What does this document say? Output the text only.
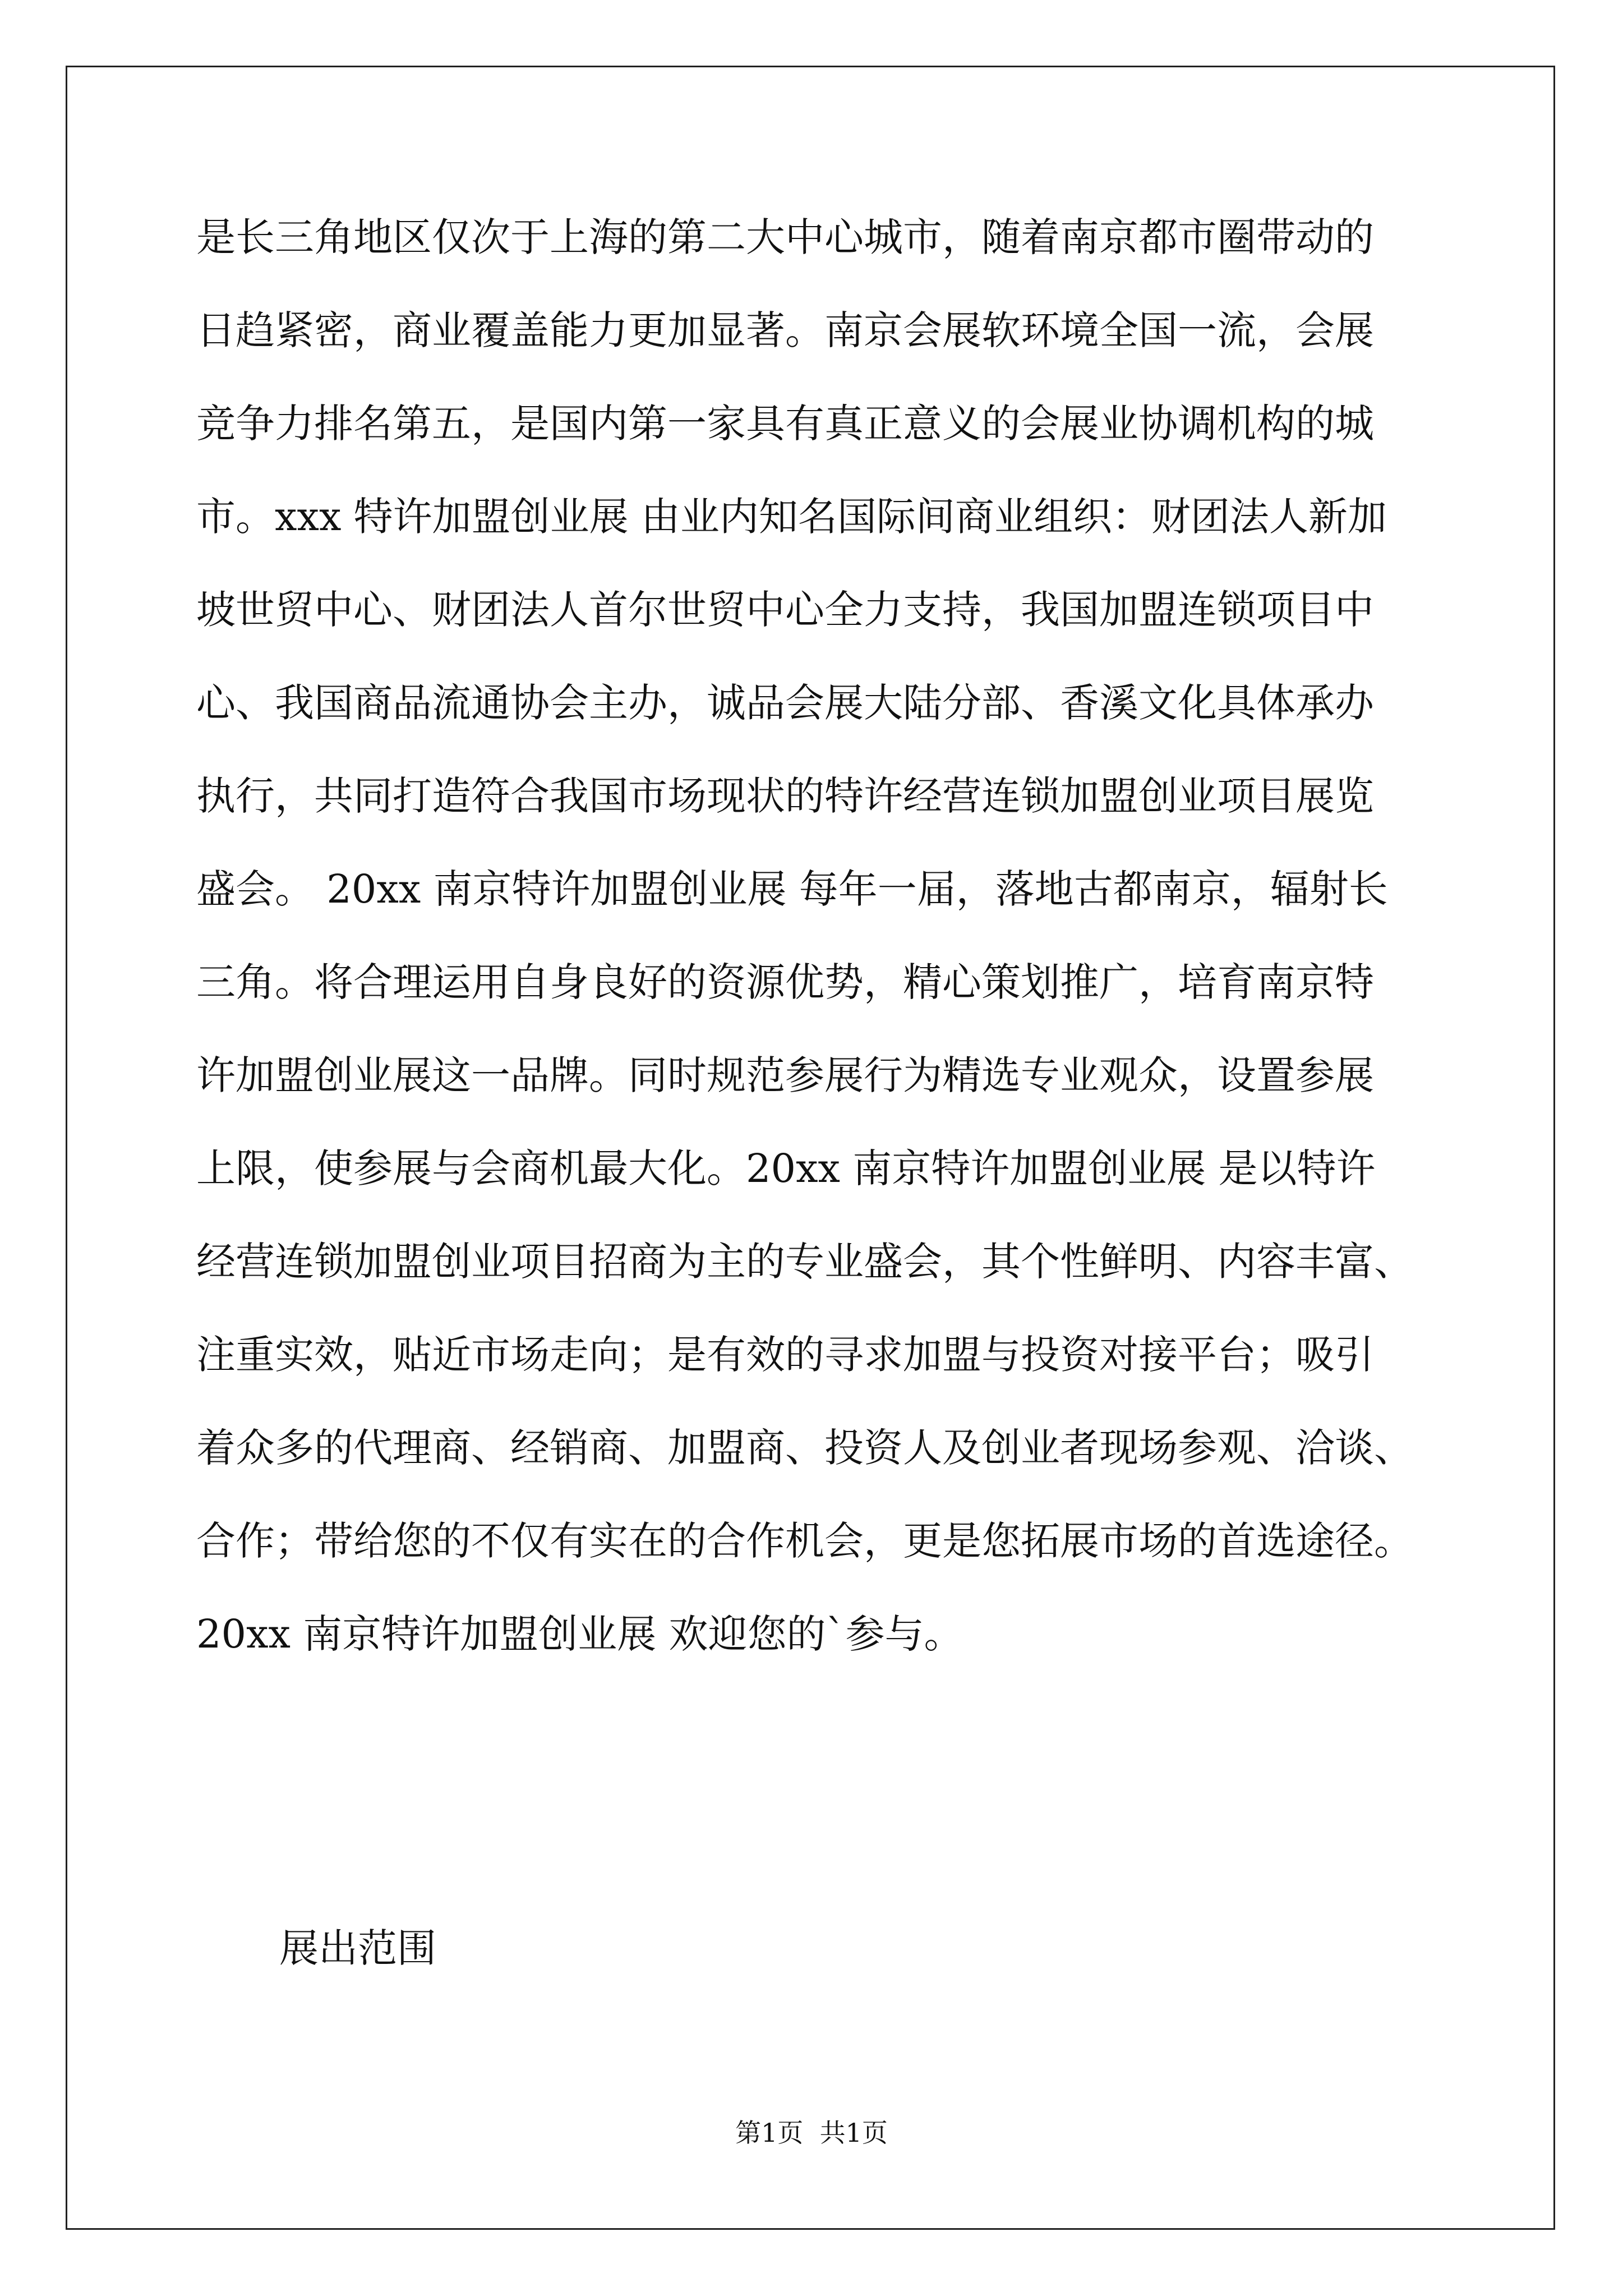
是长三角地区仅次于上海的第二大中心城市，随着南京都市圈带动的
日趋紧密，商业覆盖能力更加显著。南京会展软环境全国一流，会展
竞争力排名第五，是国内第一家具有真正意义的会展业协调机构的城
市。xxx 特许加盟创业展 由业内知名国际间商业组织：财团法人新加
坡世贸中心、财团法人首尔世贸中心全力支持，我国加盟连锁项目中
心、我国商品流通协会主办，诚品会展大陆分部、香溪文化具体承办
执行，共同打造符合我国市场现状的特许经营连锁加盟创业项目展览
盛会。 20xx 南京特许加盟创业展 每年一届，落地古都南京，辐射长
三角。将合理运用自身良好的资源优势，精心策划推广，培育南京特
许加盟创业展这一品牌。同时规范参展行为精选专业观众，设置参展
上限，使参展与会商机最大化。20xx 南京特许加盟创业展 是以特许
经营连锁加盟创业项目招商为主的专业盛会，其个性鲜明、内容丰富、
注重实效，贴近市场走向；是有效的寻求加盟与投资对接平台；吸引
着众多的代理商、经销商、加盟商、投资人及创业者现场参观、洽谈、
合作；带给您的不仅有实在的合作机会，更是您拓展市场的首选途径。
20xx 南京特许加盟创业展 欢迎您的`参与。
展出范围
第1页  共1页
